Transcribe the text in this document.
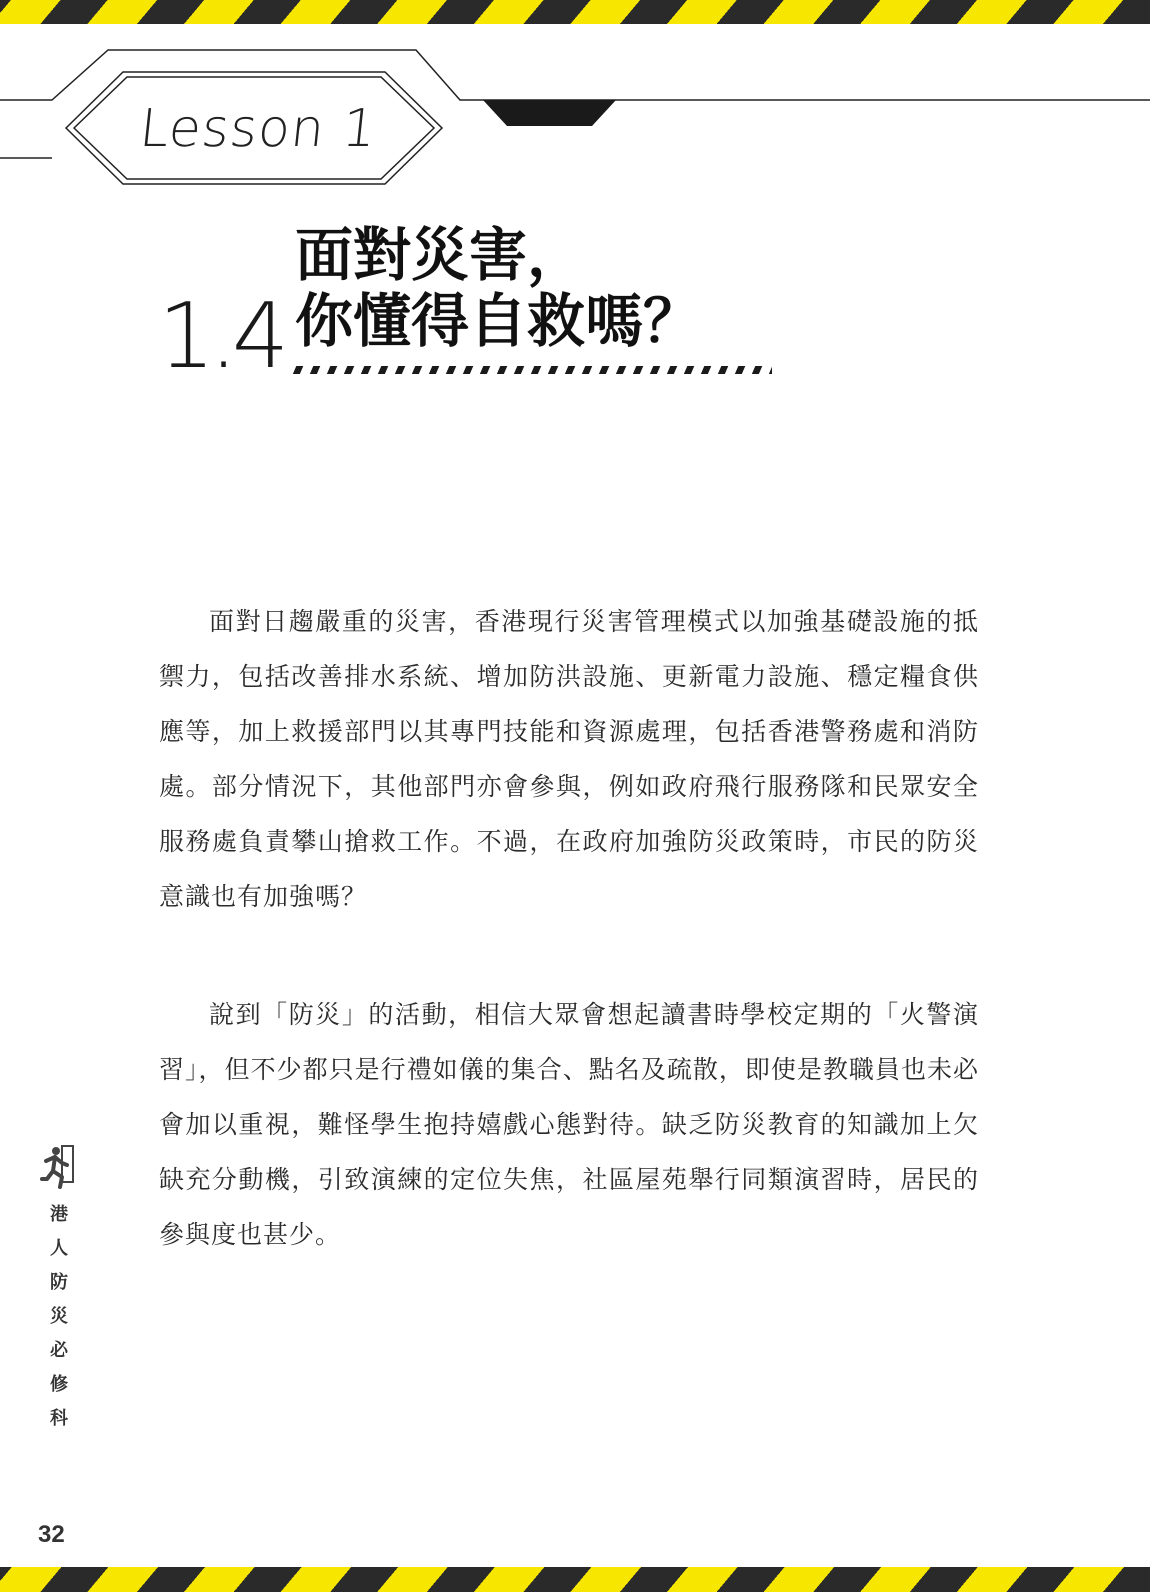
Lesson 1
1.4
面對災害，
你懂得自救嗎？

面對日趨嚴重的災害，香港現行災害管理模式以加強基礎設施的抵禦力，包括改善排水系統、增加防洪設施、更新電力設施、穩定糧食供應等，加上救援部門以其專門技能和資源處理，包括香港警務處和消防處。部分情況下，其他部門亦會參與，例如政府飛行服務隊和民眾安全服務處負責攀山搶救工作。不過，在政府加強防災政策時，市民的防災意識也有加強嗎？

說到「防災」的活動，相信大眾會想起讀書時學校定期的「火警演習」，但不少都只是行禮如儀的集合、點名及疏散，即使是教職員也未必會加以重視，難怪學生抱持嬉戲心態對待。缺乏防災教育的知識加上欠缺充分動機，引致演練的定位失焦，社區屋苑舉行同類演習時，居民的參與度也甚少。

港人防災必修科
32
